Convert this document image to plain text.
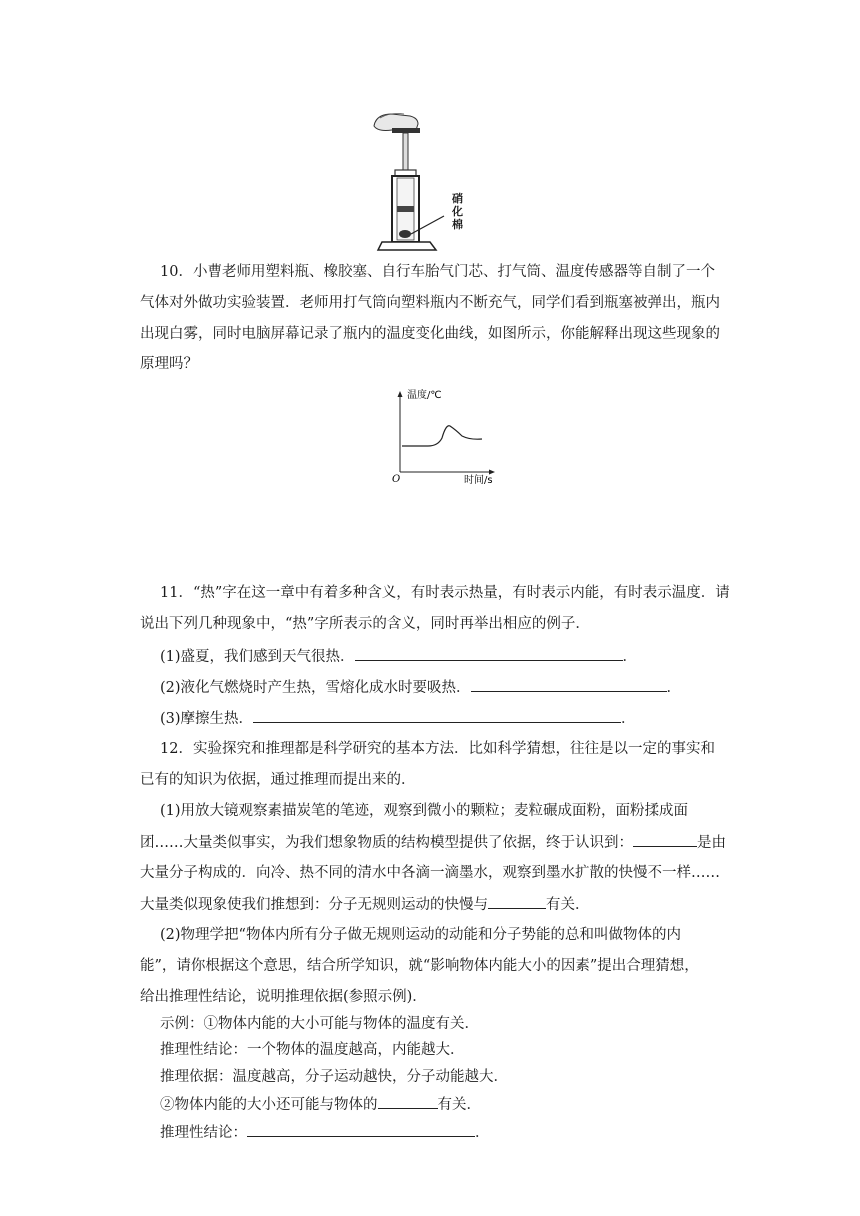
硝
化
棉
10．小曹老师用塑料瓶、橡胶塞、自行车胎气门芯、打气筒、温度传感器等自制了一个
气体对外做功实验装置．老师用打气筒向塑料瓶内不断充气，同学们看到瓶塞被弹出，瓶内
出现白雾，同时电脑屏幕记录了瓶内的温度变化曲线，如图所示，你能解释出现这些现象的
原理吗？
温度/℃
时间/s
O
11．“热”字在这一章中有着多种含义，有时表示热量，有时表示内能，有时表示温度．请
说出下列几种现象中，“热”字所表示的含义，同时再举出相应的例子．
(1)盛夏，我们感到天气很热．	．
(2)液化气燃烧时产生热，雪熔化成水时要吸热．	．
(3)摩擦生热．	．
12．实验探究和推理都是科学研究的基本方法．比如科学猜想，往往是以一定的事实和
已有的知识为依据，通过推理而提出来的．
(1)用放大镜观察素描炭笔的笔迹，观察到微小的颗粒；麦粒碾成面粉，面粉揉成面
团……大量类似事实，为我们想象物质的结构模型提供了依据，终于认识到：	是由
大量分子构成的．向冷、热不同的清水中各滴一滴墨水，观察到墨水扩散的快慢不一样……
大量类似现象使我们推想到：分子无规则运动的快慢与	有关．
(2)物理学把“物体内所有分子做无规则运动的动能和分子势能的总和叫做物体的内
能”，请你根据这个意思，结合所学知识，就“影响物体内能大小的因素”提出合理猜想，
给出推理性结论，说明推理依据(参照示例)．
示例：①物体内能的大小可能与物体的温度有关．
推理性结论：一个物体的温度越高，内能越大．
推理依据：温度越高，分子运动越快，分子动能越大．
②物体内能的大小还可能与物体的	有关．
推理性结论：	．
